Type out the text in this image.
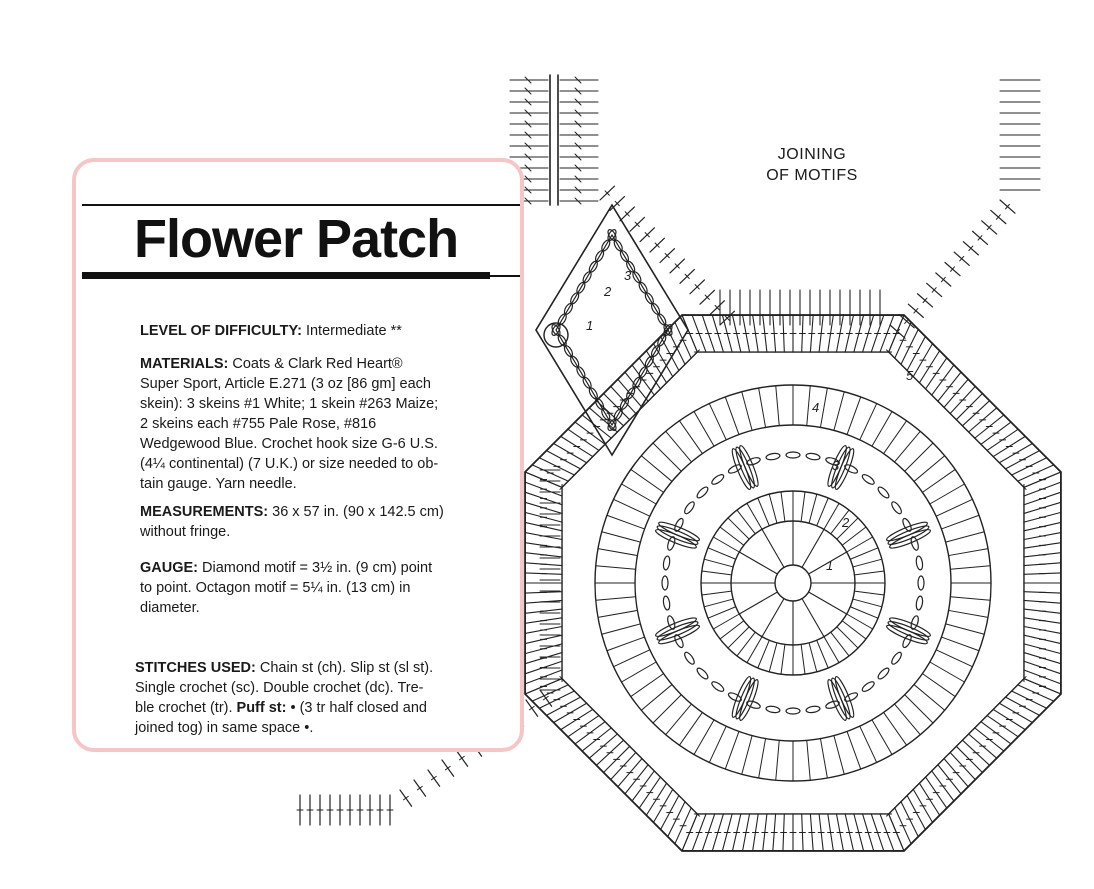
4
3
2
1
5
1
2
3
JOINING
OF MOTIFS
Flower Patch
LEVEL OF DIFFICULTY: Intermediate **
MATERIALS: Coats & Clark Red Heart®
Super Sport, Article E.271 (3 oz [86 gm] each
skein): 3 skeins #1 White; 1 skein #263 Maize;
2 skeins each #755 Pale Rose, #816
Wedgewood Blue. Crochet hook size G-6 U.S.
(4¼ continental) (7 U.K.) or size needed to ob-
tain gauge. Yarn needle.
MEASUREMENTS: 36 x 57 in. (90 x 142.5 cm)
without fringe.
GAUGE: Diamond motif = 3½ in. (9 cm) point
to point. Octagon motif = 5¼ in. (13 cm) in
diameter.
STITCHES USED: Chain st (ch). Slip st (sl st).
Single crochet (sc). Double crochet (dc). Tre-
ble crochet (tr). Puff st: • (3 tr half closed and
joined tog) in same space •.
